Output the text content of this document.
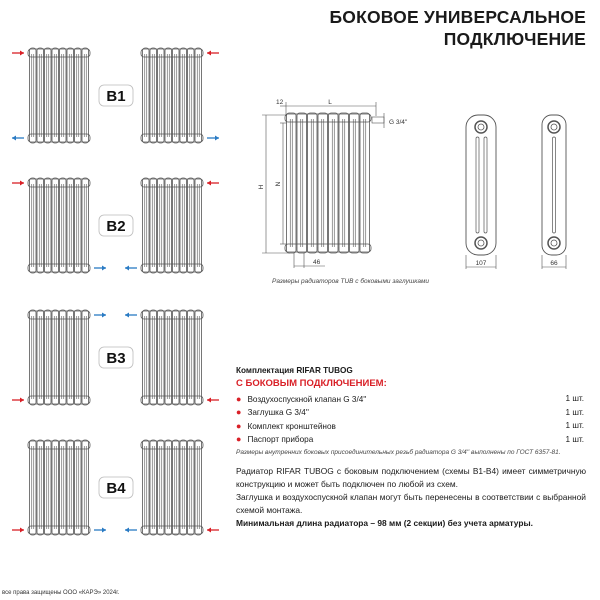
БОКОВОЕ УНИВЕРСАЛЬНОЕ
ПОДКЛЮЧЕНИЕ
B1
B2
B3
B4
L
12
H
N
46
G 3/4''
107	66
Размеры радиаторов TUB с боковыми заглушками
Комплектация RIFAR TUBOG
С БОКОВЫМ ПОДКЛЮЧЕНИЕМ:
● Воздухоспускной клапан G 3/4''	1 шт.
● Заглушка G 3/4''	1 шт.
● Комплект кронштейнов	1 шт.
● Паспорт прибора	1 шт.
Размеры внутренних боковых присоединительных резьб радиатора G 3/4'' выполнены по ГОСТ 6357-81.
Радиатор RIFAR TUBOG с боковым подключением (схемы B1-B4) имеет симметричную конструкцию и может быть подключен по любой из схем.
Заглушка и воздухоспускной клапан могут быть перенесены в соответствии с выбранной схемой монтажа.
Минимальная длина радиатора – 98 мм (2 секции) без учета арматуры.
все права защищены ООО «КАРЭ» 2024г.
